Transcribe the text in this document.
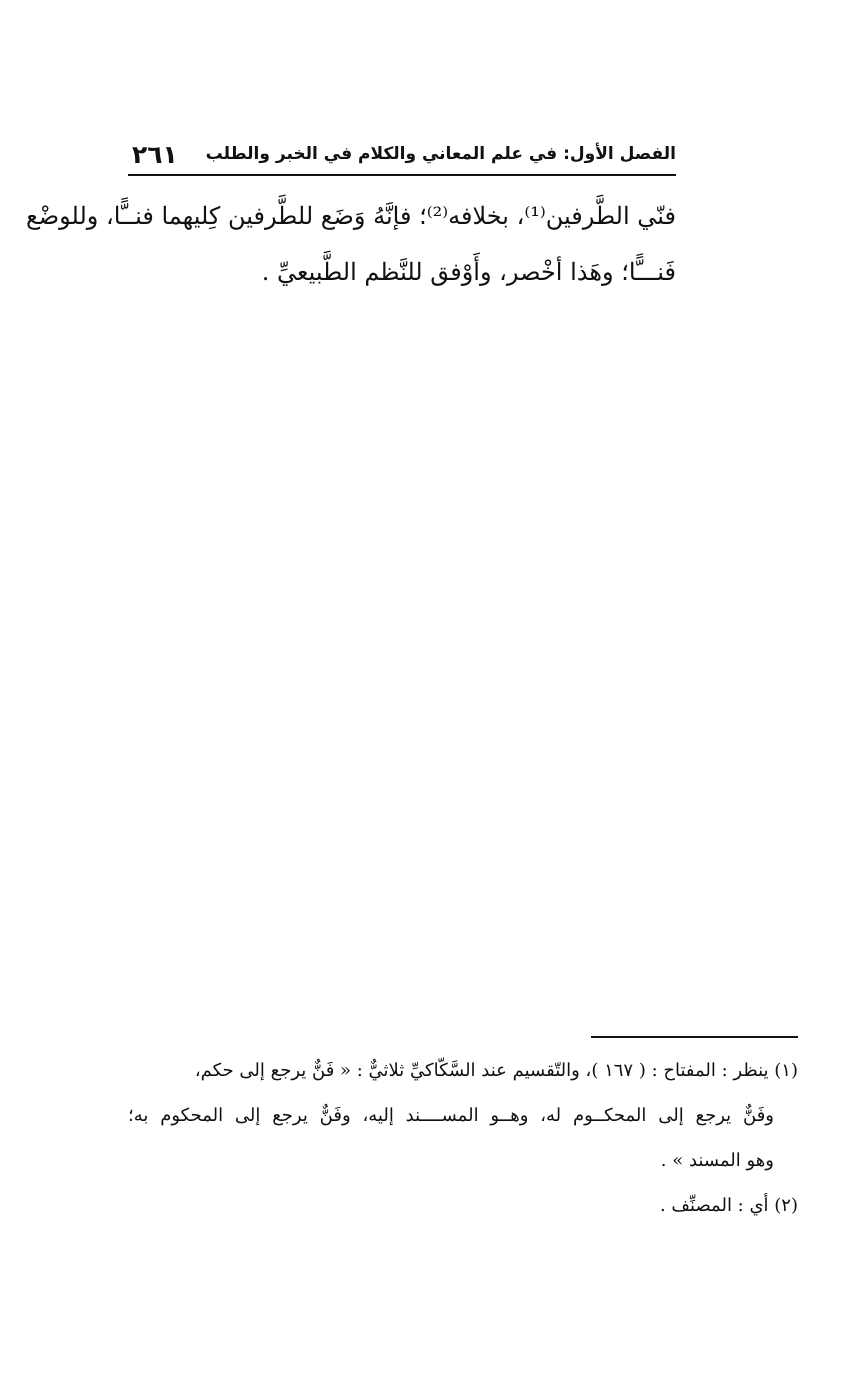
الفصل الأول: في علم المعاني والكلام في الخبر والطلب
٢٦١
فنّي الطَّرفين⁽¹⁾، بخلافه⁽²⁾؛ فإنَّهُ وَضَع للطَّرفين كِليهما فنــًّا، وللوضْع
فَنـــًّا؛ وهَذا أخْصر، وأَوْفق للنَّظم الطَّبيعيِّ .
(١) ينظر : المفتاح : ( ١٦٧ )، والتّقسيم عند السَّكّاكيِّ ثلاثيٌّ : « فَنٌّ يرجع إلى حكم،
وفَنٌّ يرجع إلى المحكــوم له، وهــو المســــند إليه، وفَنٌّ يرجع إلى المحكوم به؛
وهو المسند » .
(٢) أي : المصنِّف .
